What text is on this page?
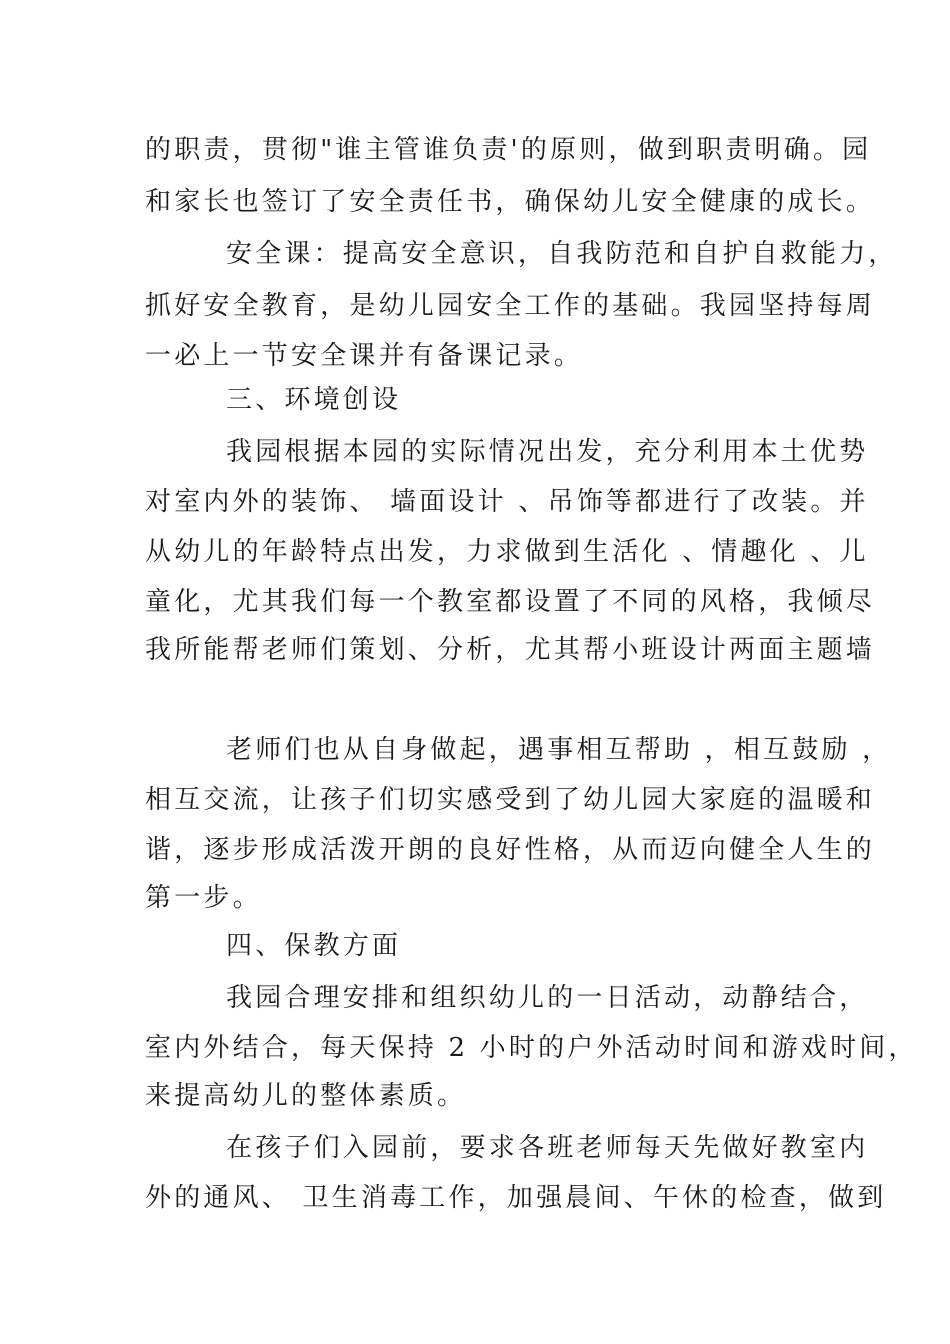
的职责，贯彻"谁主管谁负责'的原则，做到职责明确。园
和家长也签订了安全责任书，确保幼儿安全健康的成长。
安全课：提高安全意识，自我防范和自护自救能力，
抓好安全教育，是幼儿园安全工作的基础。我园坚持每周
一必上一节安全课并有备课记录。
三、环境创设
我园根据本园的实际情况出发，充分利用本土优势
对室内外的装饰、 墙面设计 、吊饰等都进行了改装。并
从幼儿的年龄特点出发，力求做到生活化 、情趣化 、儿
童化，尤其我们每一个教室都设置了不同的风格，我倾尽
我所能帮老师们策划、分析，尤其帮小班设计两面主题墙
老师们也从自身做起，遇事相互帮助 ，相互鼓励 ，
相互交流，让孩子们切实感受到了幼儿园大家庭的温暖和
谐，逐步形成活泼开朗的良好性格，从而迈向健全人生的
第一步。
四、保教方面
我园合理安排和组织幼儿的一日活动，动静结合，
室内外结合，每天保持 2 小时的户外活动时间和游戏时间，
来提高幼儿的整体素质。
在孩子们入园前，要求各班老师每天先做好教室内
外的通风、 卫生消毒工作，加强晨间、午休的检查，做到
